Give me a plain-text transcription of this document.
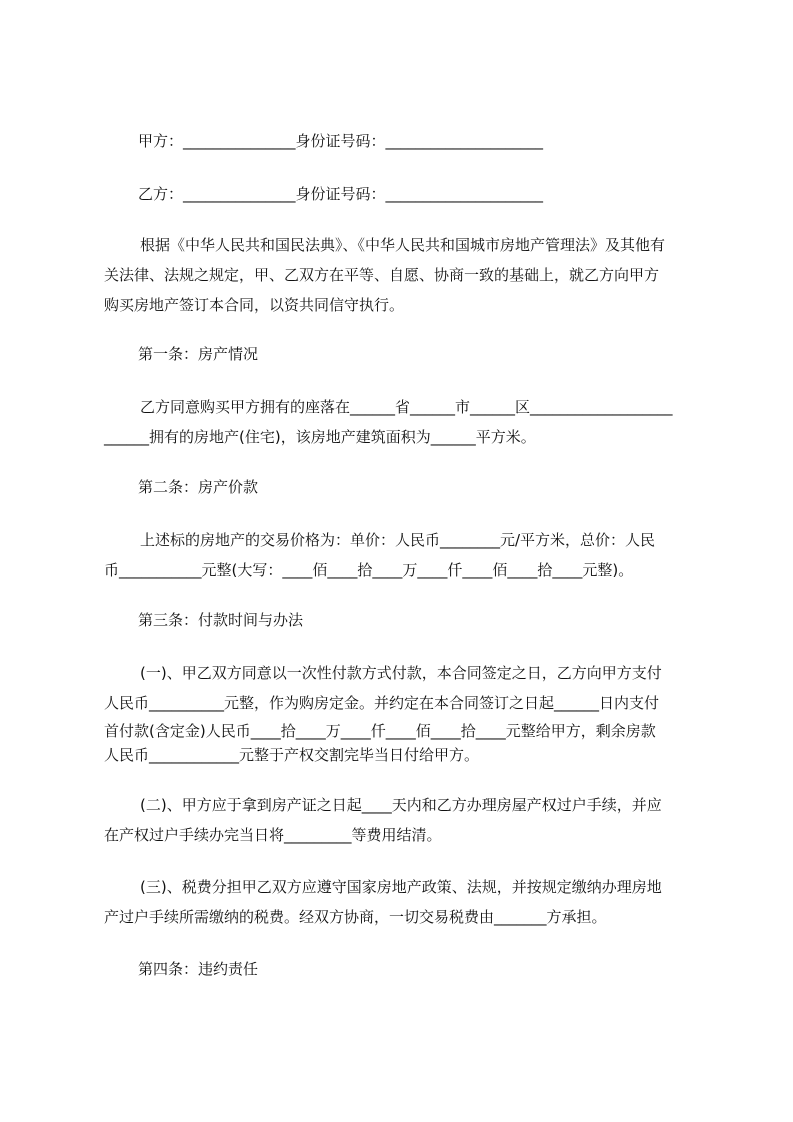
甲方：_______________身份证号码：_____________________
乙方：_______________身份证号码：_____________________
根据《中华人民共和国民法典》、《中华人民共和国城市房地产管理法》及其他有
关法律、法规之规定，甲、乙双方在平等、自愿、协商一致的基础上，就乙方向甲方
购买房地产签订本合同，以资共同信守执行。
第一条：房产情况
乙方同意购买甲方拥有的座落在______省______市______区___________________
______拥有的房地产(住宅)，该房地产建筑面积为______平方米。
第二条：房产价款
上述标的房地产的交易价格为：单价：人民币________元/平方米，总价：人民
币___________元整(大写：____佰____拾____万____仟____佰____拾____元整)。
第三条：付款时间与办法
(一)、甲乙双方同意以一次性付款方式付款，本合同签定之日，乙方向甲方支付
人民币__________元整，作为购房定金。并约定在本合同签订之日起______日内支付
首付款(含定金)人民币____拾____万____仟____佰____拾____元整给甲方，剩余房款
人民币____________元整于产权交割完毕当日付给甲方。
(二)、甲方应于拿到房产证之日起____天内和乙方办理房屋产权过户手续，并应
在产权过户手续办完当日将_________等费用结清。
(三)、税费分担甲乙双方应遵守国家房地产政策、法规，并按规定缴纳办理房地
产过户手续所需缴纳的税费。经双方协商，一切交易税费由_______方承担。
第四条：违约责任
